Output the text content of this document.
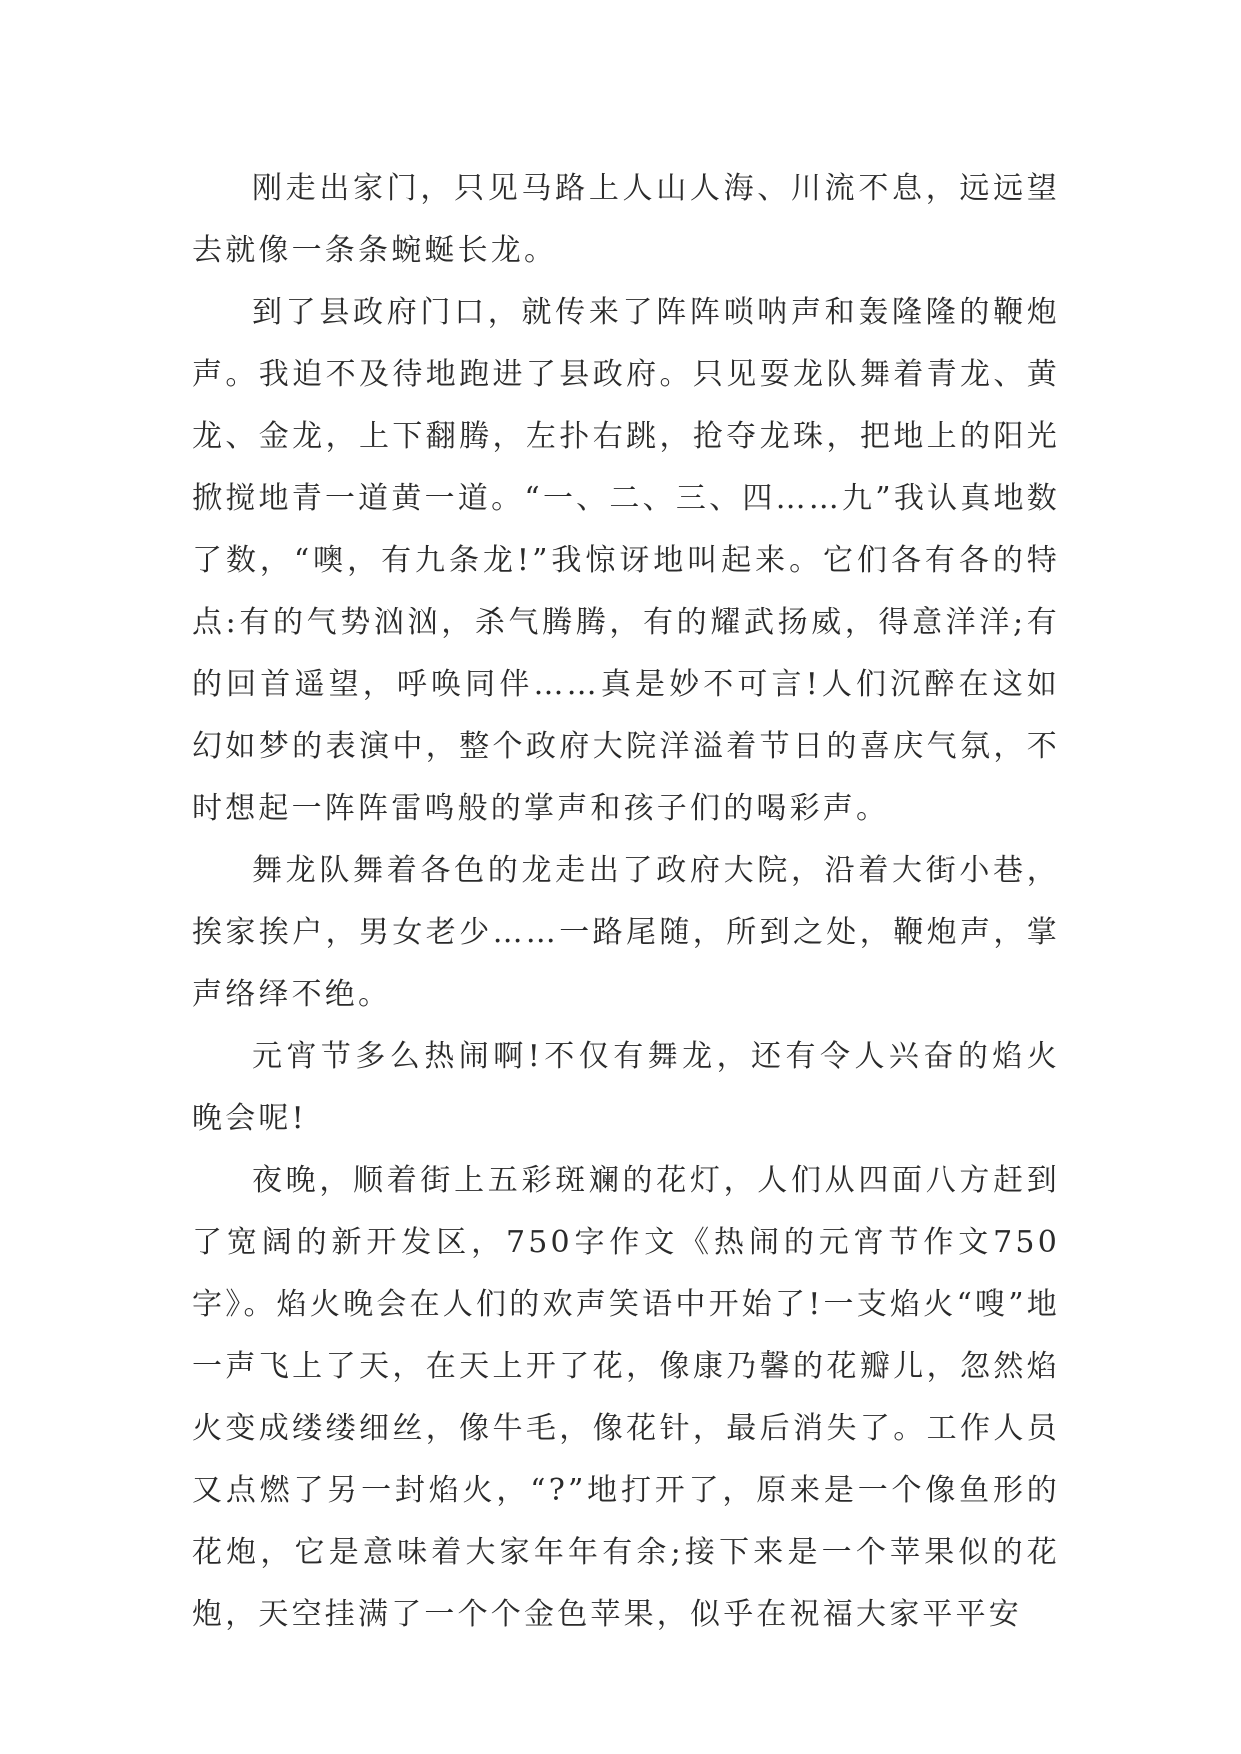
刚走出家门，只见马路上人山人海、川流不息，远远望去就像一条条蜿蜒长龙。

到了县政府门口，就传来了阵阵唢呐声和轰隆隆的鞭炮声。我迫不及待地跑进了县政府。只见耍龙队舞着青龙、黄龙、金龙，上下翻腾，左扑右跳，抢夺龙珠，把地上的阳光掀搅地青一道黄一道。“一、二、三、四……九”我认真地数了数，“噢，有九条龙!”我惊讶地叫起来。它们各有各的特点:有的气势汹汹，杀气腾腾，有的耀武扬威，得意洋洋;有的回首遥望，呼唤同伴……真是妙不可言!人们沉醉在这如幻如梦的表演中，整个政府大院洋溢着节日的喜庆气氛，不时想起一阵阵雷鸣般的掌声和孩子们的喝彩声。

舞龙队舞着各色的龙走出了政府大院，沿着大街小巷，挨家挨户，男女老少……一路尾随，所到之处，鞭炮声，掌声络绎不绝。

元宵节多么热闹啊!不仅有舞龙，还有令人兴奋的焰火晚会呢!

夜晚，顺着街上五彩斑斓的花灯，人们从四面八方赶到了宽阔的新开发区，750字作文《热闹的元宵节作文750字》。焰火晚会在人们的欢声笑语中开始了!一支焰火“嗖”地一声飞上了天，在天上开了花，像康乃馨的花瓣儿，忽然焰火变成缕缕细丝，像牛毛，像花针，最后消失了。工作人员又点燃了另一封焰火，“?”地打开了，原来是一个像鱼形的花炮，它是意味着大家年年有余;接下来是一个苹果似的花炮，天空挂满了一个个金色苹果，似乎在祝福大家平平安
